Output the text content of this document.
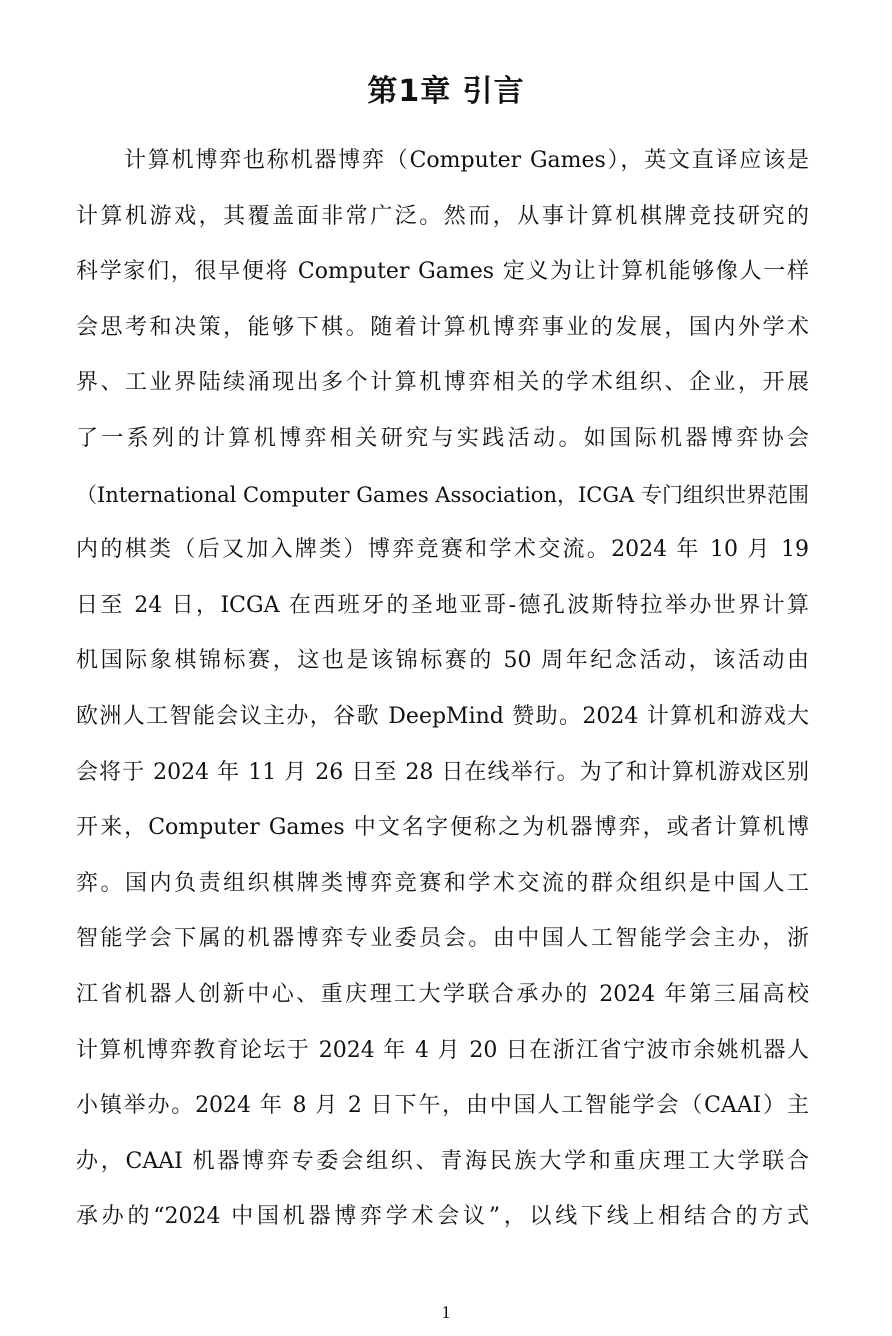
第1章 引言
计算机博弈也称机器博弈（Computer Games），英文直译应该是
计算机游戏，其覆盖面非常广泛。然而，从事计算机棋牌竞技研究的
科学家们，很早便将 Computer Games 定义为让计算机能够像人一样
会思考和决策，能够下棋。随着计算机博弈事业的发展，国内外学术
界、工业界陆续涌现出多个计算机博弈相关的学术组织、企业，开展
了一系列的计算机博弈相关研究与实践活动。如国际机器博弈协会
（International Computer Games Association，ICGA 专门组织世界范围
内的棋类（后又加入牌类）博弈竞赛和学术交流。2024 年 10 月 19
日至 24 日，ICGA 在西班牙的圣地亚哥-德孔波斯特拉举办世界计算
机国际象棋锦标赛，这也是该锦标赛的 50 周年纪念活动，该活动由
欧洲人工智能会议主办，谷歌 DeepMind 赞助。2024 计算机和游戏大
会将于 2024 年 11 月 26 日至 28 日在线举行。为了和计算机游戏区别
开来，Computer Games 中文名字便称之为机器博弈，或者计算机博
弈。国内负责组织棋牌类博弈竞赛和学术交流的群众组织是中国人工
智能学会下属的机器博弈专业委员会。由中国人工智能学会主办，浙
江省机器人创新中心、重庆理工大学联合承办的 2024 年第三届高校
计算机博弈教育论坛于 2024 年 4 月 20 日在浙江省宁波市余姚机器人
小镇举办。2024 年 8 月 2 日下午，由中国人工智能学会（CAAI）主
办，CAAI 机器博弈专委会组织、青海民族大学和重庆理工大学联合
承办的“2024 中国机器博弈学术会议”，以线下线上相结合的方式
1
